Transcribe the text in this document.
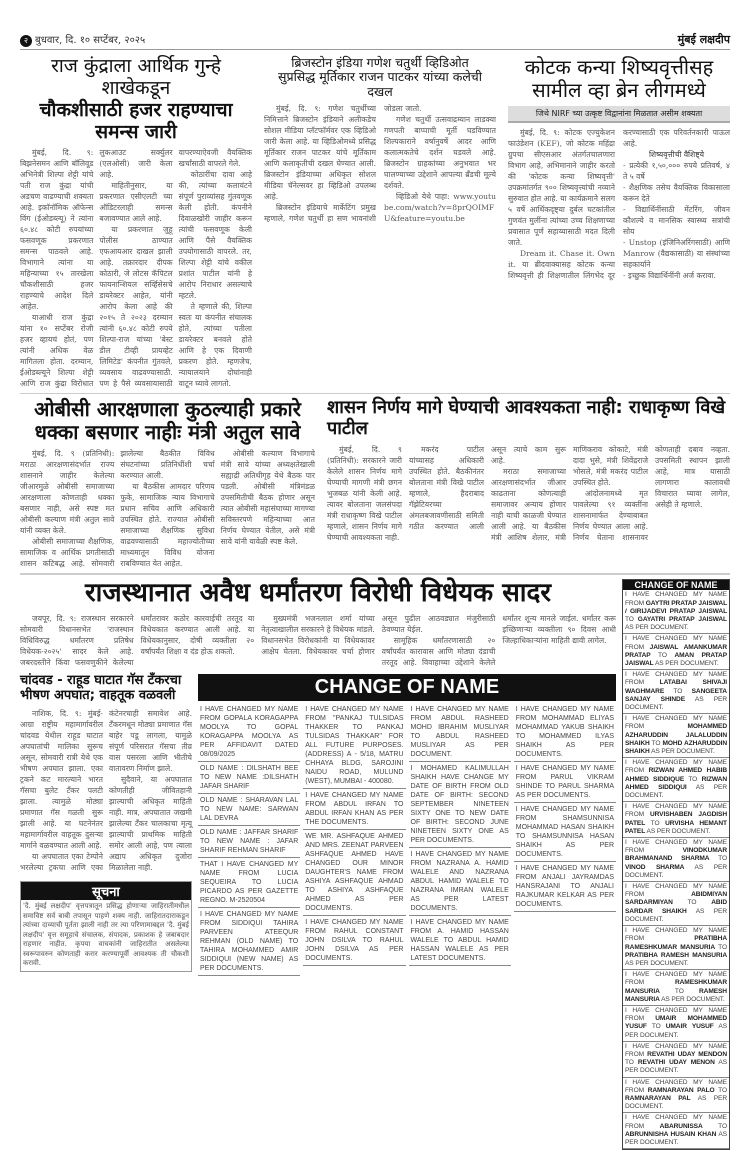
२ बुधवार, दि. १० सप्टेंबर, २०२५	मुंबई लक्षदीप
राज कुंद्राला आर्थिक गुन्हे शाखेकडून
चौकशीसाठी हजर राहण्याचा समन्स जारी

मुंबई, दि. ९: बिझनेसमन आणि बॉलिवूड अभिनेत्री शिल्पा शेट्टी यांचे पती राज कुंद्रा यांची अडचण वाढण्याची शक्यता आहे. इकॉनॉमिक ऑफेन्स विंग (ईओडब्ल्यू) ने त्यांना ६०.४८ कोटी रुपयांच्या फसवणूक प्रकरणात समन्स पाठवले आहे. विभागाने त्यांना या महिन्याच्या १५ तारखेला चौकशीसाठी हजर राहण्याचे आदेश दिले आहेत.

याआधी राज कुंद्रा यांना १० सप्टेंबर रोजी हजर व्हायचं होतं, पण त्यांनी अधिक वेळ मागितला होता. दरम्यान, ईओडब्ल्यूने शिल्पा शेट्टी आणि राज कुंद्रा विरोधात लुकआउट सर्क्युलर (एलओसी) जारी केला आहे.

माहितीनुसार, या प्रकरणात एसीएलटी च्या ऑडिटरलाही समन्स बजावण्यात आले आहे.

या प्रकरणात जुहू पोलीस ठाण्यात एफआयआर दाखल झाली आहे. तक्रारदार दीपक कोठारी, जे लोटस कॅपिटल फायनान्शियल सर्व्हिसेसचे डायरेक्टर आहेत, यांनी आरोप केला आहे की २०१५ ते २०२३ दरम्यान त्यांनी ६०.४८ कोटी रुपये शिल्पा-राज यांच्या 'बेस्ट डील टीव्ही प्रायव्हेट लिमिटेड' कंपनीत गुंतवले, व्यवसाय वाढवण्यासाठी. पण हे पैसे व्यवसायासाठी वापरण्याऐवजी वैयक्तिक खर्चांसाठी वापरले गेले.

कोठारींचा दावा आहे की, त्यांच्या कलायंटने संपूर्ण पुराव्यांसह गुंतवणूक केली होती. कंपनीने दिवाळखोरी जाहीर करून त्यांची फसवणूक केली आणि पैसे वैयक्तिक उपयोगासाठी वापरले. तर, शिल्पा शेट्टी यांचे वकील प्रशांत पाटील यांनी हे आरोप निराधार असल्याचे म्हटले.

ते म्हणाले की, शिल्पा स्वतः या कंपनीत संचालक होते, त्यांच्या पतीला डायरेक्टर बनवले होते आणि हे एक दिवाणी प्रकरण होते. म्हणजेच, न्यायालयाने दोघांनाही वाटून घ्यावे लागतो.

ब्रिजस्टोन इंडिया गणेश चतुर्थी व्हिडिओत
सुप्रसिद्ध मूर्तिकार राजन पाटकर यांच्या कलेची दखल

मुंबई, दि. ९: गणेश चतुर्थीच्या निमित्ताने ब्रिजस्टोन इंडियाने अलीकडेच सोशल मीडिया प्लॅटफॉर्मवर एक व्हिडिओ जारी केला आहे. या व्हिडिओमध्ये प्रसिद्ध मूर्तिकार राजन पाटकर यांचे मूर्तिकाम आणि कलाकृतीची दखल घेण्यात आली. ब्रिजस्टोन इंडियाच्या अधिकृत सोशल मीडिया चॅनेल्सवर हा व्हिडिओ उपलब्ध आहे.

ब्रिजस्टोन इंडियाचे मार्केटिंग प्रमुख म्हणाले, गणेश चतुर्थी हा सण भावनांशी जोडला जातो.

गणेश चतुर्थी उत्सवाद्रम्यान लाडक्या गणपती बाप्पाची मूर्ती घडविण्यात शिल्पकाराने वर्षानुवर्षे आदर आणि कलात्मकतेचे दर्शन घडवले आहे. ब्रिजस्टोन ग्राहकांच्या अनुभवात भर घालण्याच्या उद्देशाने आपल्या ब्रँडची मूल्ये दर्शवते.

व्हिडिओ येथे पाहा: www.youtube.com/watch?v=8prQOIMFU&feature=youtu.be

कोटक कन्या शिष्यवृत्तीसह
सामील व्हा ब्रेन लीगमध्ये
जिथे NIRF च्या उत्कृष्ट विद्वानांना मिळतात असीम शक्यता

मुंबई, दि. ९: कोटक एज्युकेशन फाउंडेशन (KEF), जो कोटक महिंद्रा ग्रुपचा सीएसआर अंतर्गतचालणारा विभाग आहे, अभिमानाने जाहीर करतो की 'कोटक कन्या शिष्यवृत्ती' उपक्रमांतर्गत ९०० शिष्यवृत्त्यांची नव्याने सुरुवात होत आहे. या कार्यक्रमाने सलग ५ वर्षे आर्थिकदृष्ट्या दुर्बल घटकांतील गुणवंत मुलींना त्यांच्या उच्च शिक्षणाच्या प्रवासात पूर्ण सहाय्यासाठी मदत दिली जाते.

Dream it. Chase it. Own it. या ब्रीदवाक्यासह कोटक कन्या शिष्यवृत्ती ही शिक्षणातील लिंगभेद दूर करण्यासाठी एक परिवर्तनकारी पाऊल आहे.

शिष्यवृत्तीची वैशिष्ट्ये
- प्रत्येकी १,५०,००० रुपये प्रतिवर्ष, ४ ते ५ वर्षे
- शैक्षणिक तसेच वैयक्तिक विकासाला करून देते
- विद्यार्थिनींसाठी मेंटरिंग, जीवन कौशल्ये व मानसिक स्वास्थ्य सत्रांची सोय
- Unstop (इंजिनिअरिंगसाठी) आणि Manrow (वैद्यकासाठी) या संस्थांच्या सहकार्याने
- इच्छुक विद्यार्थिनींनी अर्ज करावा.
ओबीसी आरक्षणाला कुठल्याही प्रकारे
धक्का बसणार नाहीः मंत्री अतुल सावे

मुंबई, दि. ९ (प्रतिनिधी): मराठा आरक्षणासंदर्भात राज्य शासनाने जाहीर केलेल्या जीआरमुळे ओबीसी समाजाच्या आरक्षणाला कोणताही धक्का बसणार नाही, असे स्पष्ट मत ओबीसी कल्याण मंत्री अतुल सावे यांनी व्यक्त केले.

ओबीसी समाजाच्या शैक्षणिक, सामाजिक व आर्थिक प्रगतीसाठी शासन कटिबद्ध आहे. सोमवारी झालेल्या बैठकीत विविध संघटनांच्या प्रतिनिधींशी चर्चा करण्यात आली.

या बैठकीस आमदार परिणय फुके, सामाजिक न्याय विभागाचे प्रधान सचिव आणि अधिकारी उपस्थित होते. राज्यात ओबीसी समाजाच्या शैक्षणिक सुविधा वाढवण्यासाठी महाज्योतीच्या माध्यमातून विविध योजना राबविण्यात येत आहेत.

ओबीसी कल्याण विभागाचे मंत्री सावे यांच्या अध्यक्षतेखाली सह्याद्री अतिथीगृह येथे बैठक पार पडली. ओबीसी मंत्रिमंडळ उपसमितीची बैठक होणार असून त्यात ओबीसी महासंघाच्या मागण्या सविस्तरपणे महिन्याच्या आत निर्णय घेण्यात येतील, असे मंत्री सावे यांनी यावेळी स्पष्ट केले.

शासन निर्णय मागे घेण्याची आवश्यकता नाही: राधाकृष्ण विखे पाटील

मुंबई, दि. ९ (प्रतिनिधी): सरकारने जारी केलेले शासन निर्णय मागे घेण्याची मागणी मंत्री छगन भुजबळ यांनी केली आहे. त्यावर बोलताना जलसंपदा मंत्री राधाकृष्ण विखे पाटील म्हणाले, शासन निर्णय मागे घेण्याची आवश्यकता नाही.

मकरंद पाटील यांच्यासह अधिकारी उपस्थित होते. बैठकीनंतर बोलताना मंत्री विखे पाटील म्हणाले, हैदराबाद गॅझेटियरच्या अंमलबजावणीसाठी समिती गठीत करण्यात आली असून त्याचे काम सुरू आहे.

मराठा समाजाच्या आरक्षणासंदर्भात जीआर काढताना कोणत्याही समाजावर अन्याय होणार नाही याची काळजी घेण्यात आली आहे. या बैठकीस मंत्री आशिष शेलार, मंत्री माणिकराव कोकाटे, मंत्री दादा भुसे, मंत्री शिवेंद्रराजे भोसले, मंत्री मकरंद पाटील उपस्थित होते.

आंदोलनामध्ये मृत पावलेल्या ९१ व्यक्तींना शासनामार्फत देण्याबाबत निर्णय घेण्यात आला आहे. निर्णय घेताना शासनावर कोणताही दबाव नव्हता. उपसमिती स्थापन झाली आहे, मात्र यासाठी लागणारा कालावधी विचारात घ्यावा लागेल, असेही ते म्हणाले.

राजस्थानात अवैध धर्मांतरण विरोधी विधेयक सादर

जयपूर, दि. ९: राजस्थान सरकारने सोमवारी विधानसभेत 'राजस्थान विधिविरुद्ध धर्मांतरण प्रतिषेध विधेयक-२०२५' सादर केले आहे. जबरदस्तीने किंवा फसवणुकीने केलेल्या धर्मांतरावर कठोर कारवाईची तरतूद या विधेयकात करण्यात आली आहे. या विधेयकानुसार, दोषी व्यक्तीला २० वर्षांपर्यंत शिक्षा व दंड होऊ शकतो.

मुख्यमंत्री भजनलाल शर्मा यांच्या नेतृत्वाखालील सरकारने हे विधेयक मांडले. विधानसभेत विरोधकांनी या विधेयकावर आक्षेप घेतला. विधेयकावर चर्चा होणार असून पुढील आठवड्यात मंजुरीसाठी ठेवण्यात येईल.

सामूहिक धर्मांतरणासाठी २० वर्षांपर्यंत कारावास आणि मोठ्या दंडाची तरतूद आहे. विवाहाच्या उद्देशाने केलेले धर्मांतर शून्य मानले जाईल. धर्मांतर करू इच्छिणाऱ्या व्यक्तीला ९० दिवस आधी जिल्हाधिकाऱ्यांना माहिती द्यावी लागेल.

चांदवड - राहूड घाटात गॅस टँकरचा भीषण अपघात; वाहतूक वळवली

नाशिक, दि. ९: मुंबई-आग्रा राष्ट्रीय महामार्गावरील चांदवड येथील राहूड घाटात अपघातांची मालिका सुरूच असून, सोमवारी रात्री येथे एक भीषण अपघात झाला. एका ट्रकने कट मारल्याने भारत गॅसचा बुलेट टँकर पलटी झाला. त्यामुळे मोठ्या प्रमाणात गॅस गळती सुरू झाली आहे. या घटनेनंतर महामार्गावरील वाहतूक दुसऱ्या मार्गाने वळवण्यात आली आहे.

या अपघातात एका टेम्पोने भरलेल्या ट्रकचा आणि एका कंटेनरचाही समावेश आहे. टँकरमधून मोठ्या प्रमाणात गॅस बाहेर पडू लागला, यामुळे संपूर्ण परिसरात गॅसचा तीव्र वास पसरला आणि भीतीचे वातावरण निर्माण झाले.

सुदैवाने, या अपघातात कोणतीही जीवितहानी झाल्याची अधिकृत माहिती नाही. मात्र, अपघातात जखमी झालेल्या टँकर चालकाचा मृत्यू झाल्याची प्राथमिक माहिती समोर आली आहे, पण त्याला अद्याप अधिकृत दुजोरा मिळालेला नाही.

सूचना
'दै. मुंबई लक्षदीप' वृत्तपत्रातून प्रसिद्ध होणाऱ्या जाहिरातीमधील समाविष्ट सर्व बाबी तपासून पाहणे शक्य नाही. जाहिरातदाराकडून त्यांच्या दाव्याची पूर्तता झाली नाही तर त्या परिणामाबद्दल 'दै. मुंबई लक्षदीप' वृत्त समूहाचे संचालक, संपादक, प्रकाशक हे जबाबदार राहणार नाहीत. कृपया वाचकांनी जाहिरातीत असलेल्या स्वरूपावरुन कोणताही करार करण्यापूर्वी आवश्यक ती चौकशी करावी.
CHANGE OF NAME
I HAVE CHANGED MY NAME FROM GOPALA KORAGAPPA MOOLYA TO GOPAL KORAGAPPA MOOLYA AS PER AFFIDAVIT DATED 08/09/2025
OLD NAME : DILSHATH BEE TO NEW NAME :DILSHATH JAFAR SHARIF
OLD NAME : SHARAVAN LAL TO NEW NAME: SARWAN LAL DEVRA
OLD NAME : JAFFAR SHARIF TO NEW NAME : JAFAR SHARIF REHMAN SHARIF
THAT I HAVE CHANGED MY NAME FROM LUCIA SEQUEIRA TO LUCIA PICARDO AS PER GAZETTE REGNO. M-2520504
I HAVE CHANGED MY NAME FROM SIDDIQUI TAHIRA PARVEEN ATEEQUR REHMAN (OLD NAME) TO TAHIRA MOHAMMED AMIR SIDDIQUI (NEW NAME) AS PER DOCUMENTS.
I HAVE CHANGED MY NAME FROM "PANKAJ TULSIDAS THAKKER TO PANKAJ TULSIDAS THAKKAR" FOR ALL FUTURE PURPOSES.(ADDRESS) A - 5/18, MATRU CHHAYA BLDG, SAROJINI NAIDU ROAD, MULUND (WEST), MUMBAI - 400080.
I HAVE CHANGED MY NAME FROM ABDUL IRFAN TO ABDUL IRFAN KHAN AS PER THE DOCUMENTS.
WE MR. ASHFAQUE AHMED AND MRS. ZEENAT PARVEEN ASHFAQUE AHMED HAVE CHANGED OUR MINOR DAUGHTER'S NAME FROM ASHIYA ASHFAQUE AHMAD TO ASHIYA ASHFAQUE AHMED AS PER DOCUMENTS.
I HAVE CHANGED MY NAME FROM RAHUL CONSTANT JOHN DSILVA TO RAHUL JOHN DSILVA AS PER DOCUMENTS.
I HAVE CHANGED MY NAME FROM ABDUL RASHEED MOHD IBRAHIM MUSLIYAR TO ABDUL RASHEED MUSLIYAR AS PER DOCUMENT.
I MOHAMED KALIMULLAH SHAIKH HAVE CHANGE MY DATE OF BIRTH FROM OLD DATE OF BIRTH: SECOND SEPTEMBER NINETEEN SIXTY ONE TO NEW DATE OF BIRTH: SECOND JUNE NINETEEN SIXTY ONE AS PER DOCUMENTS.
I HAVE CHANGED MY NAME FROM NAZRANA A. HAMID WALELE AND NAZRANA ABDUL HAMID WALELE TO NAZRANA IMRAN WALELE AS PER LATEST DOCUMENTS.
I HAVE CHANGED MY NAME FROM A. HAMID HASSAN WALELE TO ABDUL HAMID HASSAN WALELE AS PER LATEST DOCUMENTS.
I HAVE CHANGED MY NAME FROM MOHAMMAD ELIYAS MOHAMMAD YAKUB SHAIKH TO MOHAMMED ILYAS SHAIKH AS PER DOCUMENTS.
I HAVE CHANGED MY NAME FROM PARUL VIKRAM SHINDE TO PARUL SHARMA AS PER DOCUMENTS.
I HAVE CHANGED MY NAME FROM SHAMSUNNISA MOHAMMAD HASAN SHAIKH TO SHAMSUNNISA HASAN SHAIKH AS PER DOCUMENTS.
I HAVE CHANGED MY NAME FROM ANJALI JAYRAMDAS HANSRAJANI TO ANJALI RAJKUMAR KELKAR AS PER DOCUMENTS.
CHANGE OF NAME
I HAVE CHANGED MY NAME FROM GAYTRI PRATAP JAISWAL / GIRIJADEVI PRATAP JAISWAL TO GAYATRI PRATAP JAISWAL AS PER DOCUMENT.
I HAVE CHANGED MY NAME FROM JAISWAL AMANKUMAR PRATAP TO AMAN PRATAP JAISWAL AS PER DOCUMENT.
I HAVE CHANGED MY NAME FROM LATABAI SHIVAJI WAGHMARE TO SANGEETA SANJAY SHINDE AS PER DOCUMENT.
I HAVE CHANGED MY NAME FROM	MOHAMMED AZHARUDDIN JALALUDDIN SHAIKH TO MOHD AZHARUDDIN SHAIKH AS PER DOCUMENT.
I HAVE CHANGED MY NAME FROM RIZWAN AHMED HABIB AHMED SIDDIQUE TO RIZWAN AHMED SIDDIQUI AS PER DOCUMENT.
I HAVE CHANGED MY NAME FROM URVISHABEN JAGDISH PATEL TO URVISHA HEMANT PATEL AS PER DOCUMENT.
I HAVE CHANGED MY NAME FROM	VINODKUMAR BRAHMANAND SHARMA TO VINOD SHARMA AS PER DOCUMENT.
I HAVE CHANGED MY NAME FROM	ABIDMIYAN SARDARMIYAN TO ABID SARDAR SHAIKH AS PER DOCUMENT.
I HAVE CHANGED MY NAME FROM	PRATIBHA RAMESHKUMAR MANSURIA TO PRATIBHA RAMESH MANSURIA AS PER DOCUMENT.
I HAVE CHANGED MY NAME FROM	RAMESHKUMAR MANSURIA TO RAMESH MANSURIA AS PER DOCUMENT.
I HAVE CHANGED MY NAME FROM UMAIR MOHAMMED YUSUF TO UMAIR YUSUF AS PER DOCUMENT.
I HAVE CHANGED MY NAME FROM REVATHI UDAY MENDON TO REVATHI UDAY MENON AS PER DOCUMENT.
I HAVE CHANGED MY NAME FROM RAMNARAYAN PALO TO RAMNARAYAN PAL AS PER DOCUMENT.
I HAVE CHANGED MY NAME FROM ABARUNISSA TO ABRUNNISHA HUSAIN KHAN AS PER DOCUMENT.
